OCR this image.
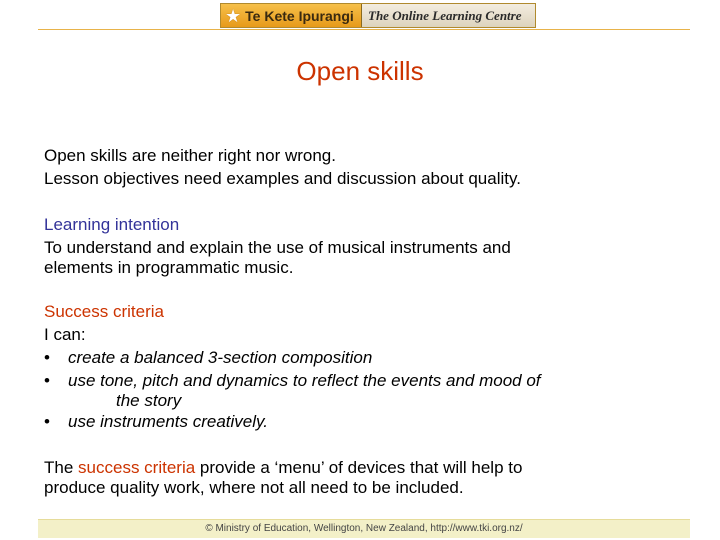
★ Te Kete Ipurangi The Online Learning Centre
Open skills
Open skills are neither right nor wrong.
Lesson objectives need examples and discussion about quality.
Learning intention
To understand and explain the use of musical instruments and
elements in programmatic music.
Success criteria
I can:
• create a balanced 3-section composition
• use tone, pitch and dynamics to reflect the events and mood of
the story
• use instruments creatively.
The success criteria provide a ‘menu’ of devices that will help to
produce quality work, where not all need to be included.
© Ministry of Education, Wellington, New Zealand, http://www.tki.org.nz/
